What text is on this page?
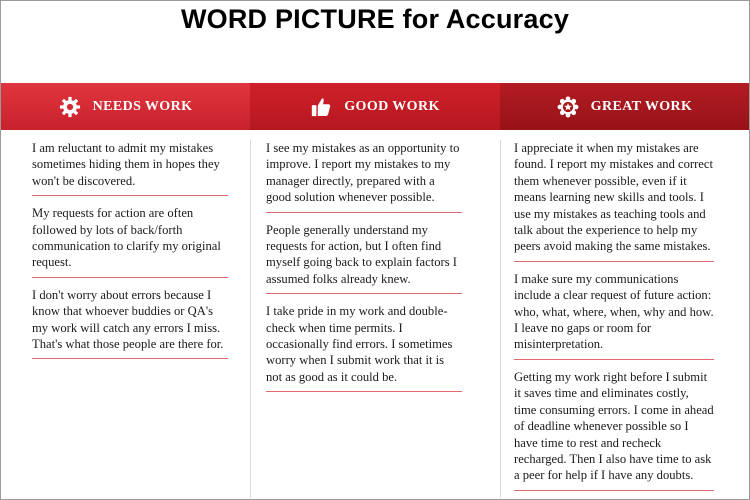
WORD PICTURE for Accuracy
NEEDS WORK	GOOD WORK	GREAT WORK
I am reluctant to admit my mistakes sometimes hiding them in hopes they won't be discovered.
My requests for action are often followed by lots of back/forth communication to clarify my original request.
I don't worry about errors because I know that whoever buddies or QA's my work will catch any errors I miss. That's what those people are there for.
I see my mistakes as an opportunity to improve. I report my mistakes to my manager directly, prepared with a good solution whenever possible.
People generally understand my requests for action, but I often find myself going back to explain factors I assumed folks already knew.
I take pride in my work and double-check when time permits. I occasionally find errors. I sometimes worry when I submit work that it is not as good as it could be.
I appreciate it when my mistakes are found. I report my mistakes and correct them whenever possible, even if it means learning new skills and tools. I use my mistakes as teaching tools and talk about the experience to help my peers avoid making the same mistakes.
I make sure my communications include a clear request of future action: who, what, where, when, why and how. I leave no gaps or room for misinterpretation.
Getting my work right before I submit it saves time and eliminates costly, time consuming errors. I come in ahead of deadline whenever possible so I have time to rest and recheck recharged. Then I also have time to ask a peer for help if I have any doubts.
